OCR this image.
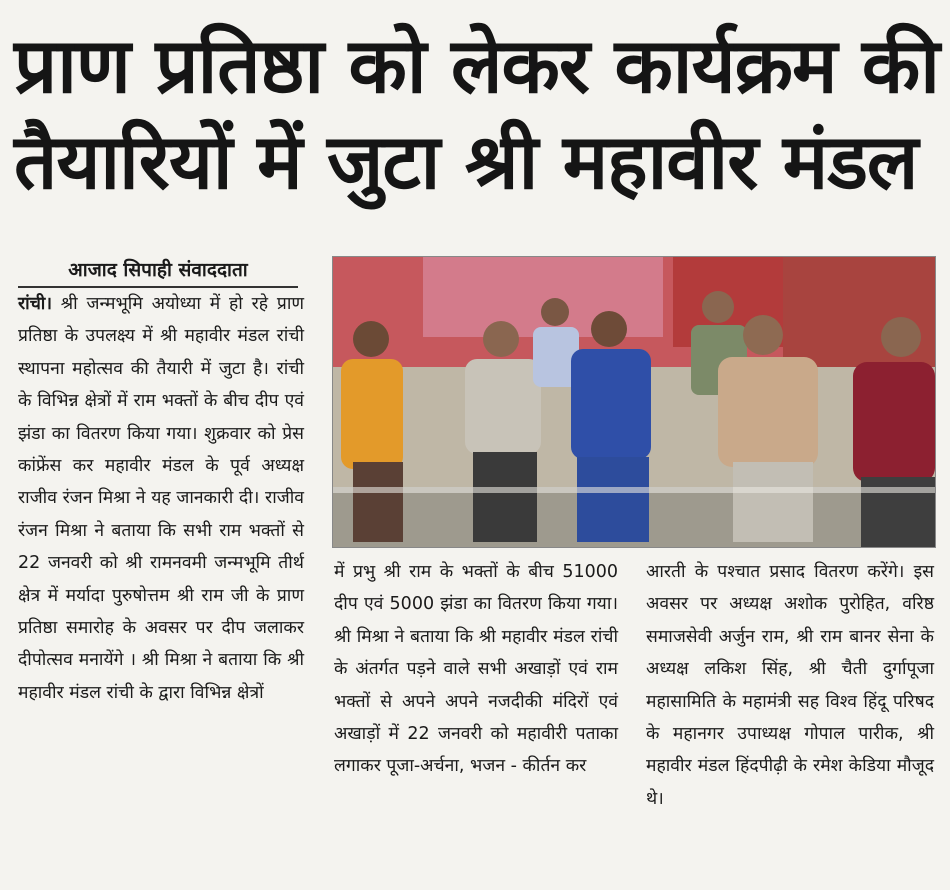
प्राण प्रतिष्ठा को लेकर कार्यक्रम की
तैयारियों में जुटा श्री महावीर मंडल
आजाद सिपाही संवाददाता

रांची। श्री जन्मभूमि अयोध्या में हो रहे प्राण प्रतिष्ठा के उपलक्ष्य में श्री महावीर मंडल रांची स्थापना महोत्सव की तैयारी में जुटा है। रांची के विभिन्न क्षेत्रों में राम भक्तों के बीच दीप एवं झंडा का वितरण किया गया। शुक्रवार को प्रेस कांफ्रेंस कर महावीर मंडल के पूर्व अध्यक्ष राजीव रंजन मिश्रा ने यह जानकारी दी। राजीव रंजन मिश्रा ने बताया कि सभी राम भक्तों से 22 जनवरी को श्री रामनवमी जन्मभूमि तीर्थ क्षेत्र में मर्यादा पुरुषोत्तम श्री राम जी के प्राण प्रतिष्ठा समारोह के अवसर पर दीप जलाकर दीपोत्सव मनायेंगे । श्री मिश्रा ने बताया कि श्री महावीर मंडल रांची के द्वारा विभिन्न क्षेत्रों

में प्रभु श्री राम के भक्तों के बीच 51000 दीप एवं 5000 झंडा का वितरण किया गया। श्री मिश्रा ने बताया कि श्री महावीर मंडल रांची के अंतर्गत पड़ने वाले सभी अखाड़ों एवं राम भक्तों से अपने अपने नजदीकी मंदिरों एवं अखाड़ों में 22 जनवरी को महावीरी पताका लगाकर पूजा-अर्चना, भजन - कीर्तन कर

आरती के पश्चात प्रसाद वितरण करेंगे। इस अवसर पर अध्यक्ष अशोक पुरोहित, वरिष्ठ समाजसेवी अर्जुन राम, श्री राम बानर सेना के अध्यक्ष लकिश सिंह, श्री चैती दुर्गापूजा महासामिति के महामंत्री सह विश्व हिंदू परिषद के महानगर उपाध्यक्ष गोपाल पारीक, श्री महावीर मंडल हिंदपीढ़ी के रमेश केडिया मौजूद थे।
